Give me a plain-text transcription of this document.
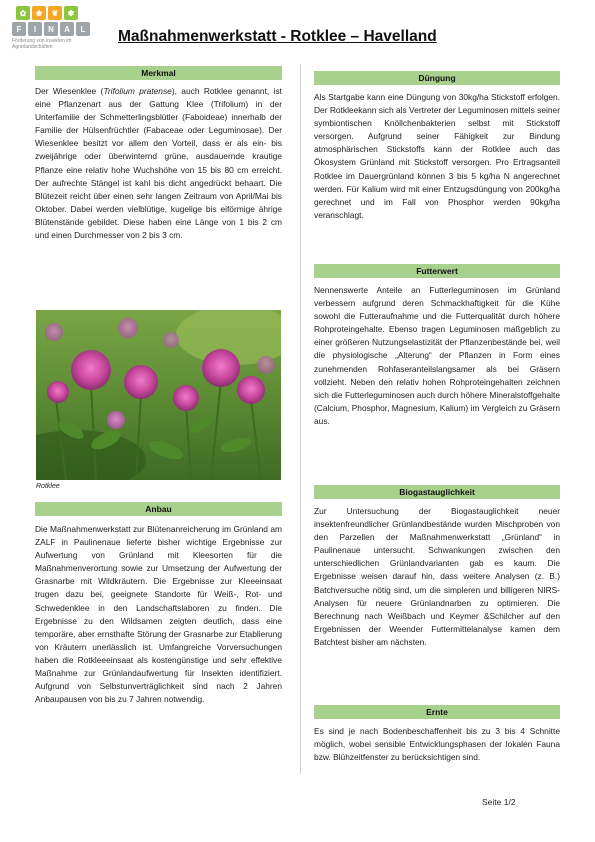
✿	❀	❦	✾
F	I	N	A	L
Förderung von Insekten im Agrarlandschaften
Maßnahmenwerkstatt - Rotklee – Havelland
Merkmal
Der Wiesenklee (Trifolium pratense), auch Rotklee genannt, ist eine Pflanzenart aus der Gattung Klee (Trifolium) in der Unterfamilie der Schmetterlingsblütler (Faboideae) innerhalb der Familie der Hülsenfrüchtler (Fabaceae oder Leguminosae). Der Wiesenklee besitzt vor allem den Vorteil, dass er als ein- bis zweijährige oder überwinternd grüne, ausdauernde krautige Pflanze eine relativ hohe Wuchshöhe von 15 bis 80 cm erreicht. Der aufrechte Stängel ist kahl bis dicht angedrückt behaart. Die Blütezeit reicht über einen sehr langen Zeitraum von April/Mai bis Oktober. Dabei werden vielblütige, kugelige bis eiförmige ährige Blütenstände gebildet. Diese haben eine Länge von 1 bis 2 cm und einen Durchmesser von 2 bis 3 cm.
Rotklee
Anbau
Die Maßnahmenwerkstatt zur Blütenanreicherung im Grünland am ZALF in Paulinenaue lieferte bisher wichtige Ergebnisse zur Aufwertung von Grünland mit Kleesorten für die Maßnahmenverortung sowie zur Umsetzung der Aufwertung der Grasnarbe mit Wildkräutern. Die Ergebnisse zur Kleeeinsaat trugen dazu bei, geeignete Standorte für Weiß-, Rot- und Schwedenklee in den Landschaftslaboren zu finden. Die Ergebnisse zu den Wildsamen zeigten deutlich, dass eine temporäre, aber ernsthafte Störung der Grasnarbe zur Etablierung von Kräutern unerlässlich ist. Umfangreiche Vorversuchungen haben die Rotkleeeinsaat als kostengünstige und sehr effektive Maßnahme zur Grünlandaufwertung für Insekten identifiziert. Aufgrund von Selbstunverträglichkeit sind nach 2 Jahren Anbaupausen von bis zu 7 Jahren notwendig.
Düngung
Als Startgabe kann eine Düngung von 30kg/ha Stickstoff erfolgen. Der Rotkleekann sich als Vertreter der Leguminosen mittels seiner symbiontischen Knöllchenbakterien selbst mit Stickstoff versorgen. Aufgrund seiner Fähigkeit zur Bindung atmosphärischen Stickstoffs kann der Rotklee auch das Ökosystem Grünland mit Stickstoff versorgen. Pro Ertragsanteil Rotklee im Dauergrünland können 3 bis 5 kg/ha N angerechnet werden. Für Kalium wird mit einer Entzugsdüngung von 200kg/ha gerechnet und im Fall von Phosphor werden 90kg/ha veranschlagt.
Futterwert
Nennenswerte Anteile an Futterleguminosen im Grünland verbessern aufgrund deren Schmackhaftigkeit für die Kühe sowohl die Futteraufnahme und die Futterqualität durch höhere Rohproteingehalte. Ebenso tragen Leguminosen maßgeblich zu einer größeren Nutzungselastizität der Pflanzenbestände bei, weil die physiologische „Alterung“ der Pflanzen in Form eines zunehmenden Rohfaseranteilslangsamer als bei Gräsern vollzieht. Neben den relativ hohen Rohproteingehalten zeichnen sich die Futterleguminosen auch durch höhere Mineralstoffgehalte (Calcium, Phosphor, Magnesium, Kalium) im Vergleich zu Gräsern aus.
Biogastauglichkeit
Zur Untersuchung der Biogastauglichkeit neuer insektenfreundlicher Grünlandbestände wurden Mischproben von den Parzellen der Maßnahmenwerkstatt „Grünland“ in Paulinenaue untersucht. Schwankungen zwischen den unterschiedlichen Grünlandvarianten gab es kaum. Die Ergebnisse weisen darauf hin, dass weitere Analysen (z. B.) Batchversuche nötig sind, um die simpleren und billigeren NIRS-Analysen für neuere Grünlandnarben zu optimieren. Die Berechnung nach Weißbach und Keymer &Schilcher auf den Ergebnissen der Weender Futtermittelanalyse kamen dem Batchtest bisher am nächsten.
Ernte
Es sind je nach Bodenbeschaffenheit bis zu 3 bis 4 Schnitte möglich, wobei sensible Entwicklungsphasen der lokalen Fauna bzw. Blühzeitfenster zu berücksichtigen sind.
Seite 1/2
